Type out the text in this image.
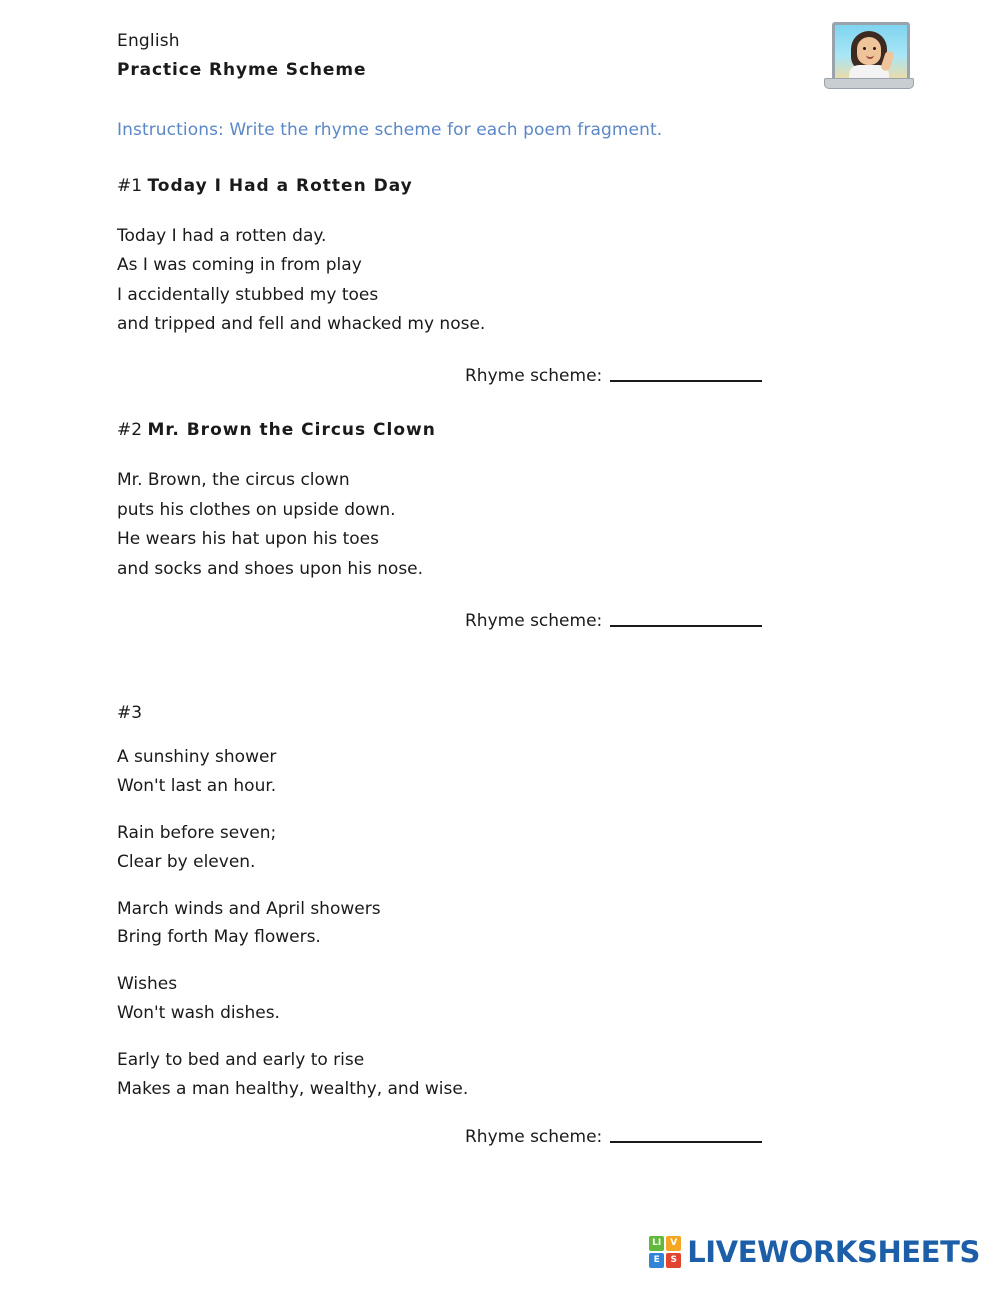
English
Practice Rhyme Scheme
Instructions: Write the rhyme scheme for each poem fragment.
#1 Today I Had a Rotten Day
Today I had a rotten day.
As I was coming in from play
I accidentally stubbed my toes
and tripped and fell and whacked my nose.
Rhyme scheme:
#2 Mr. Brown the Circus Clown
Mr. Brown, the circus clown
puts his clothes on upside down.
He wears his hat upon his toes
and socks and shoes upon his nose.
Rhyme scheme:
#3
A sunshiny shower
Won't last an hour.
Rain before seven;
Clear by eleven.
March winds and April showers
Bring forth May flowers.
Wishes
Won't wash dishes.
Early to bed and early to rise
Makes a man healthy, wealthy, and wise.
Rhyme scheme:
LI V
E	S LIVEWORKSHEETS
